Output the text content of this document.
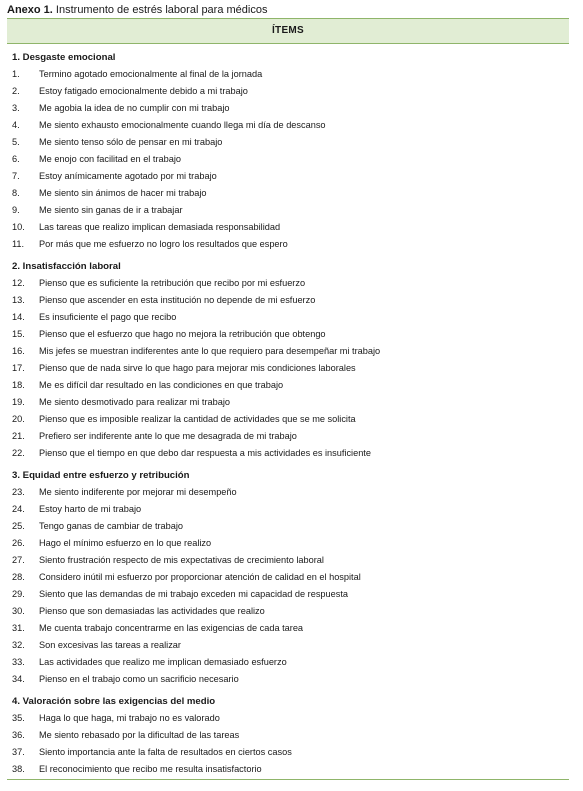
Anexo 1. Instrumento de estrés laboral para médicos
ÍTEMS
1. Desgaste emocional
1. Termino agotado emocionalmente al final de la jornada
2. Estoy fatigado emocionalmente debido a mi trabajo
3. Me agobia la idea de no cumplir con mi trabajo
4. Me siento exhausto emocionalmente cuando llega mi día de descanso
5. Me siento tenso sólo de pensar en mi trabajo
6. Me enojo con facilitad en el trabajo
7. Estoy anímicamente agotado por mi trabajo
8. Me siento sin ánimos de hacer mi trabajo
9. Me siento sin ganas de ir a trabajar
10. Las tareas que realizo implican demasiada responsabilidad
11. Por más que me esfuerzo no logro los resultados que espero
2. Insatisfacción laboral
12. Pienso que es suficiente la retribución que recibo por mi esfuerzo
13. Pienso que ascender en esta institución no depende de mi esfuerzo
14. Es insuficiente el pago que recibo
15. Pienso que el esfuerzo que hago no mejora la retribución que obtengo
16. Mis jefes se muestran indiferentes ante lo que requiero para desempeñar mi trabajo
17. Pienso que de nada sirve lo que hago para mejorar mis condiciones laborales
18. Me es difícil dar resultado en las condiciones en que trabajo
19. Me siento desmotivado para realizar mi trabajo
20. Pienso que es imposible realizar la cantidad de actividades que se me solicita
21. Prefiero ser indiferente ante lo que me desagrada de mi trabajo
22. Pienso que el tiempo en que debo dar respuesta a mis actividades es insuficiente
3. Equidad entre esfuerzo y retribución
23. Me siento indiferente por mejorar mi desempeño
24. Estoy harto de mi trabajo
25. Tengo ganas de cambiar de trabajo
26. Hago el mínimo esfuerzo en lo que realizo
27. Siento frustración respecto de mis expectativas de crecimiento laboral
28. Considero inútil mi esfuerzo por proporcionar atención de calidad en el hospital
29. Siento que las demandas de mi trabajo exceden mi capacidad de respuesta
30. Pienso que son demasiadas las actividades que realizo
31. Me cuenta trabajo concentrarme en las exigencias de cada tarea
32. Son excesivas las tareas a realizar
33. Las actividades que realizo me implican demasiado esfuerzo
34. Pienso en el trabajo como un sacrificio necesario
4. Valoración sobre las exigencias del medio
35. Haga lo que haga, mi trabajo no es valorado
36. Me siento rebasado por la dificultad de las tareas
37. Siento importancia ante la falta de resultados en ciertos casos
38. El reconocimiento que recibo me resulta insatisfactorio
